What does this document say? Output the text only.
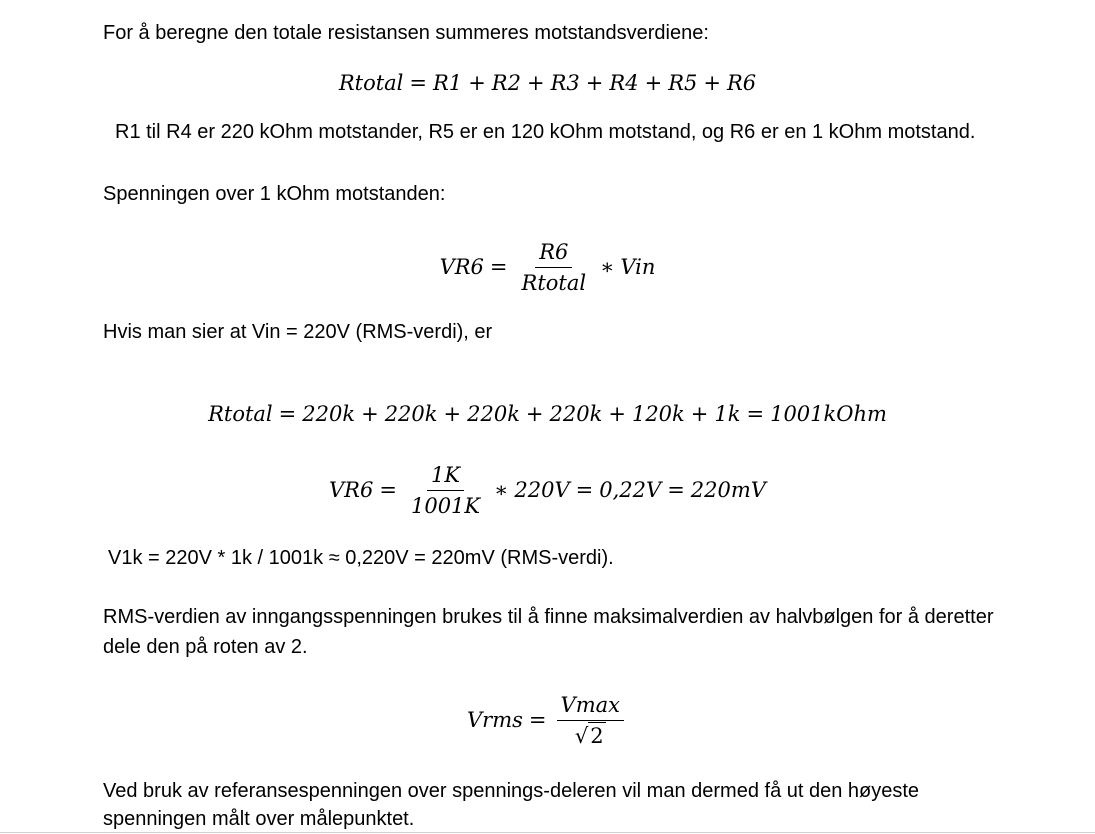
For å beregne den totale resistansen summeres motstandsverdiene:

Rtotal = R1 + R2 + R3 + R4 + R5 + R6

R1 til R4 er 220 kOhm motstander, R5 er en 120 kOhm motstand, og R6 er en 1 kOhm motstand.

Spenningen over 1 kOhm motstanden:

$VR6 = \frac{R6}{\text{Rtotal}}$ ∗ Vin

Hvis man sier at Vin = 220V (RMS-verdi), er

Rtotal = 220k + 220k + 220k + 220k + 120k + 1k = 1001kOhm
$VR6 = \frac{1K}{1001K}$ ∗ 220V = 0,22V = 220mV

V1k = 220V * 1k / 1001k ≈ 0,220V = 220mV (RMS-verdi).

RMS-verdien av inngangsspenningen brukes til å finne maksimalverdien av halvbølgen for å deretter

dele den på roten av 2.

Vrms = $\frac{Vmax}{√ 2}$

Ved bruk av referansespenningen over spennings-deleren vil man dermed få ut den høyeste

spenningen målt over målepunktet.
